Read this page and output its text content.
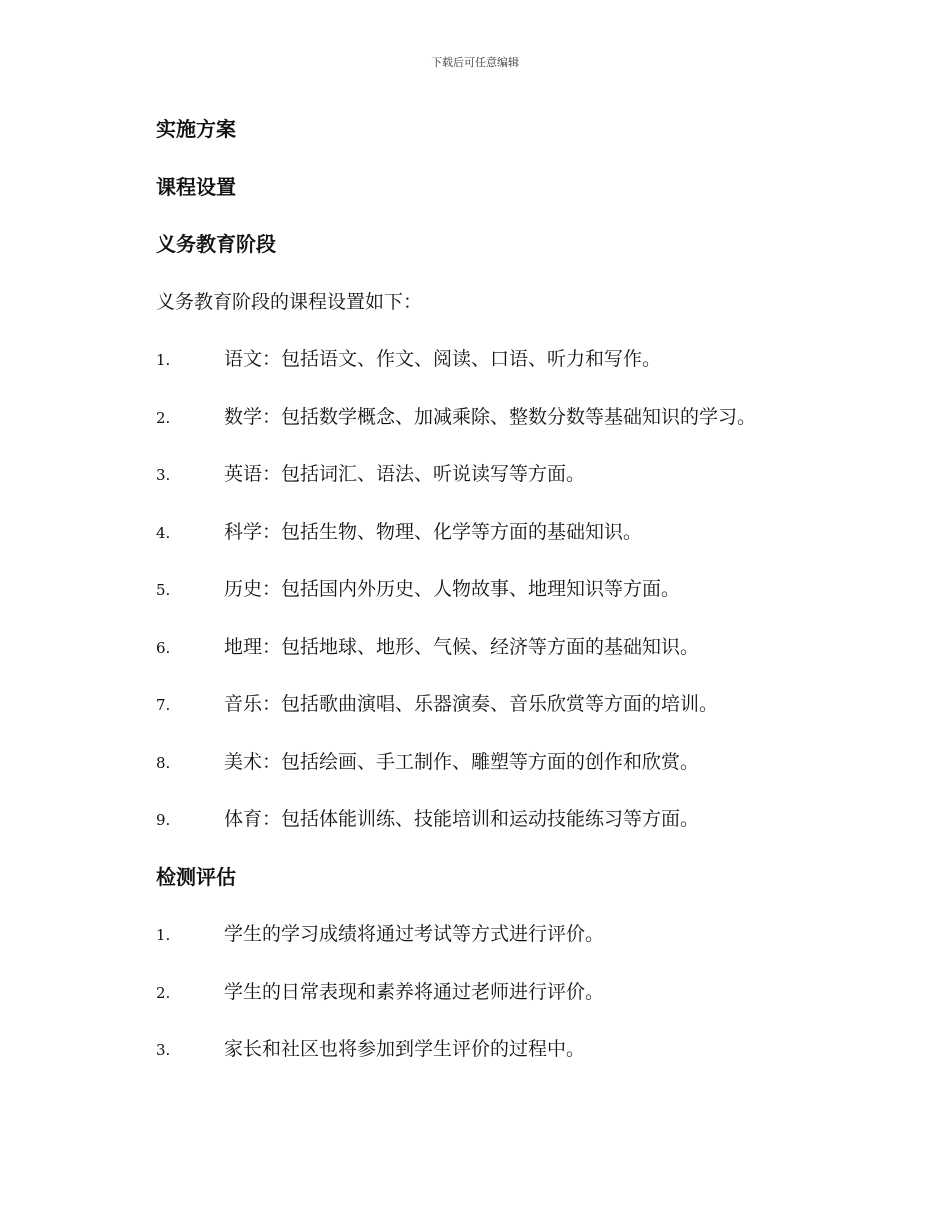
下载后可任意编辑
实施方案
课程设置
义务教育阶段
义务教育阶段的课程设置如下：
1.	语文：包括语文、作文、阅读、口语、听力和写作。
2.	数学：包括数学概念、加减乘除、整数分数等基础知识的学习。
3.	英语：包括词汇、语法、听说读写等方面。
4.	科学：包括生物、物理、化学等方面的基础知识。
5.	历史：包括国内外历史、人物故事、地理知识等方面。
6.	地理：包括地球、地形、气候、经济等方面的基础知识。
7.	音乐：包括歌曲演唱、乐器演奏、音乐欣赏等方面的培训。
8.	美术：包括绘画、手工制作、雕塑等方面的创作和欣赏。
9.	体育：包括体能训练、技能培训和运动技能练习等方面。
检测评估
1.	学生的学习成绩将通过考试等方式进行评价。
2.	学生的日常表现和素养将通过老师进行评价。
3.	家长和社区也将参加到学生评价的过程中。
